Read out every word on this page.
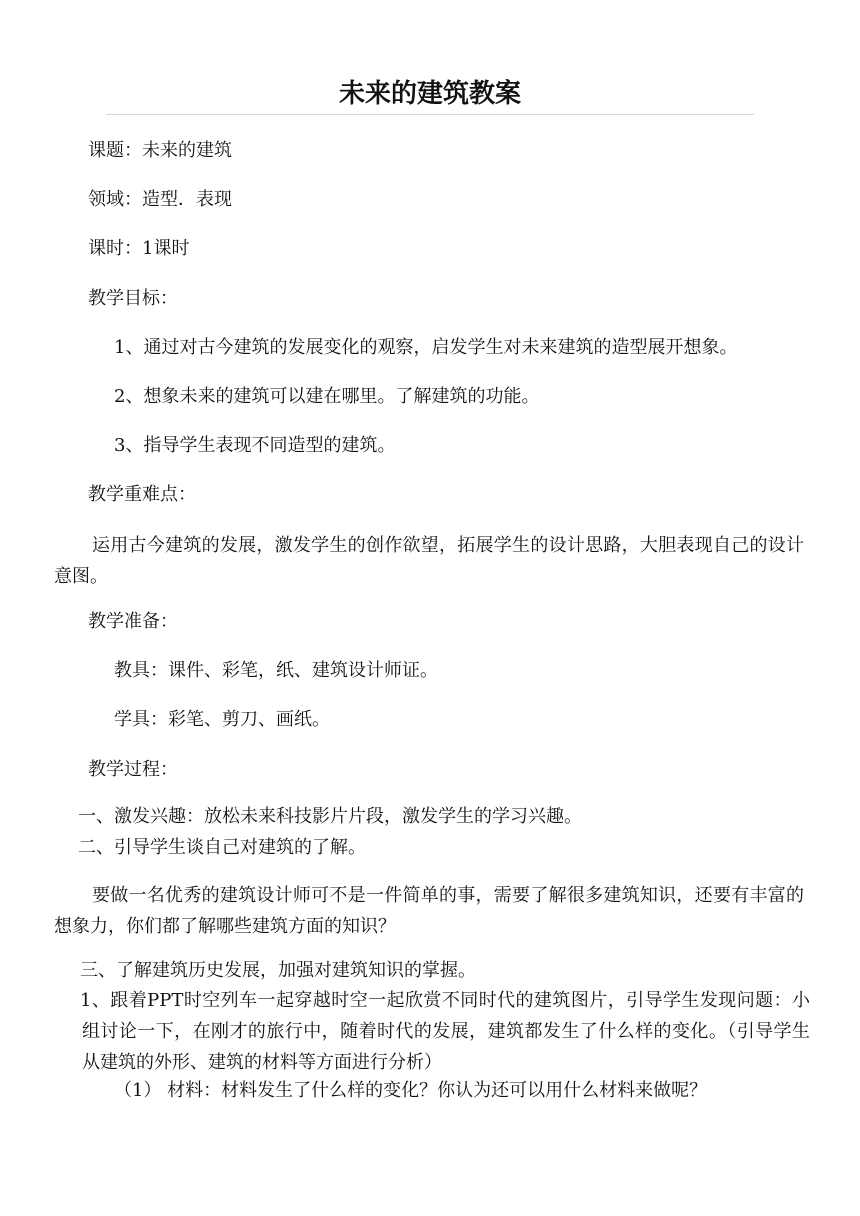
未来的建筑教案
课题：未来的建筑
领域：造型．表现
课时：1课时
教学目标：
1、通过对古今建筑的发展变化的观察，启发学生对未来建筑的造型展开想象。
2、想象未来的建筑可以建在哪里。了解建筑的功能。
3、指导学生表现不同造型的建筑。
教学重难点：
运用古今建筑的发展，激发学生的创作欲望，拓展学生的设计思路，大胆表现自己的设计意图。
教学准备：
教具：课件、彩笔，纸、建筑设计师证。
学具：彩笔、剪刀、画纸。
教学过程：
一、激发兴趣：放松未来科技影片片段，激发学生的学习兴趣。
二、引导学生谈自己对建筑的了解。
要做一名优秀的建筑设计师可不是一件简单的事，需要了解很多建筑知识，还要有丰富的想象力，你们都了解哪些建筑方面的知识？
三、了解建筑历史发展，加强对建筑知识的掌握。
1、跟着PPT时空列车一起穿越时空一起欣赏不同时代的建筑图片，引导学生发现问题：小组讨论一下，在刚才的旅行中，随着时代的发展，建筑都发生了什么样的变化。（引导学生从建筑的外形、建筑的材料等方面进行分析）
（1） 材料：材料发生了什么样的变化？你认为还可以用什么材料来做呢？
